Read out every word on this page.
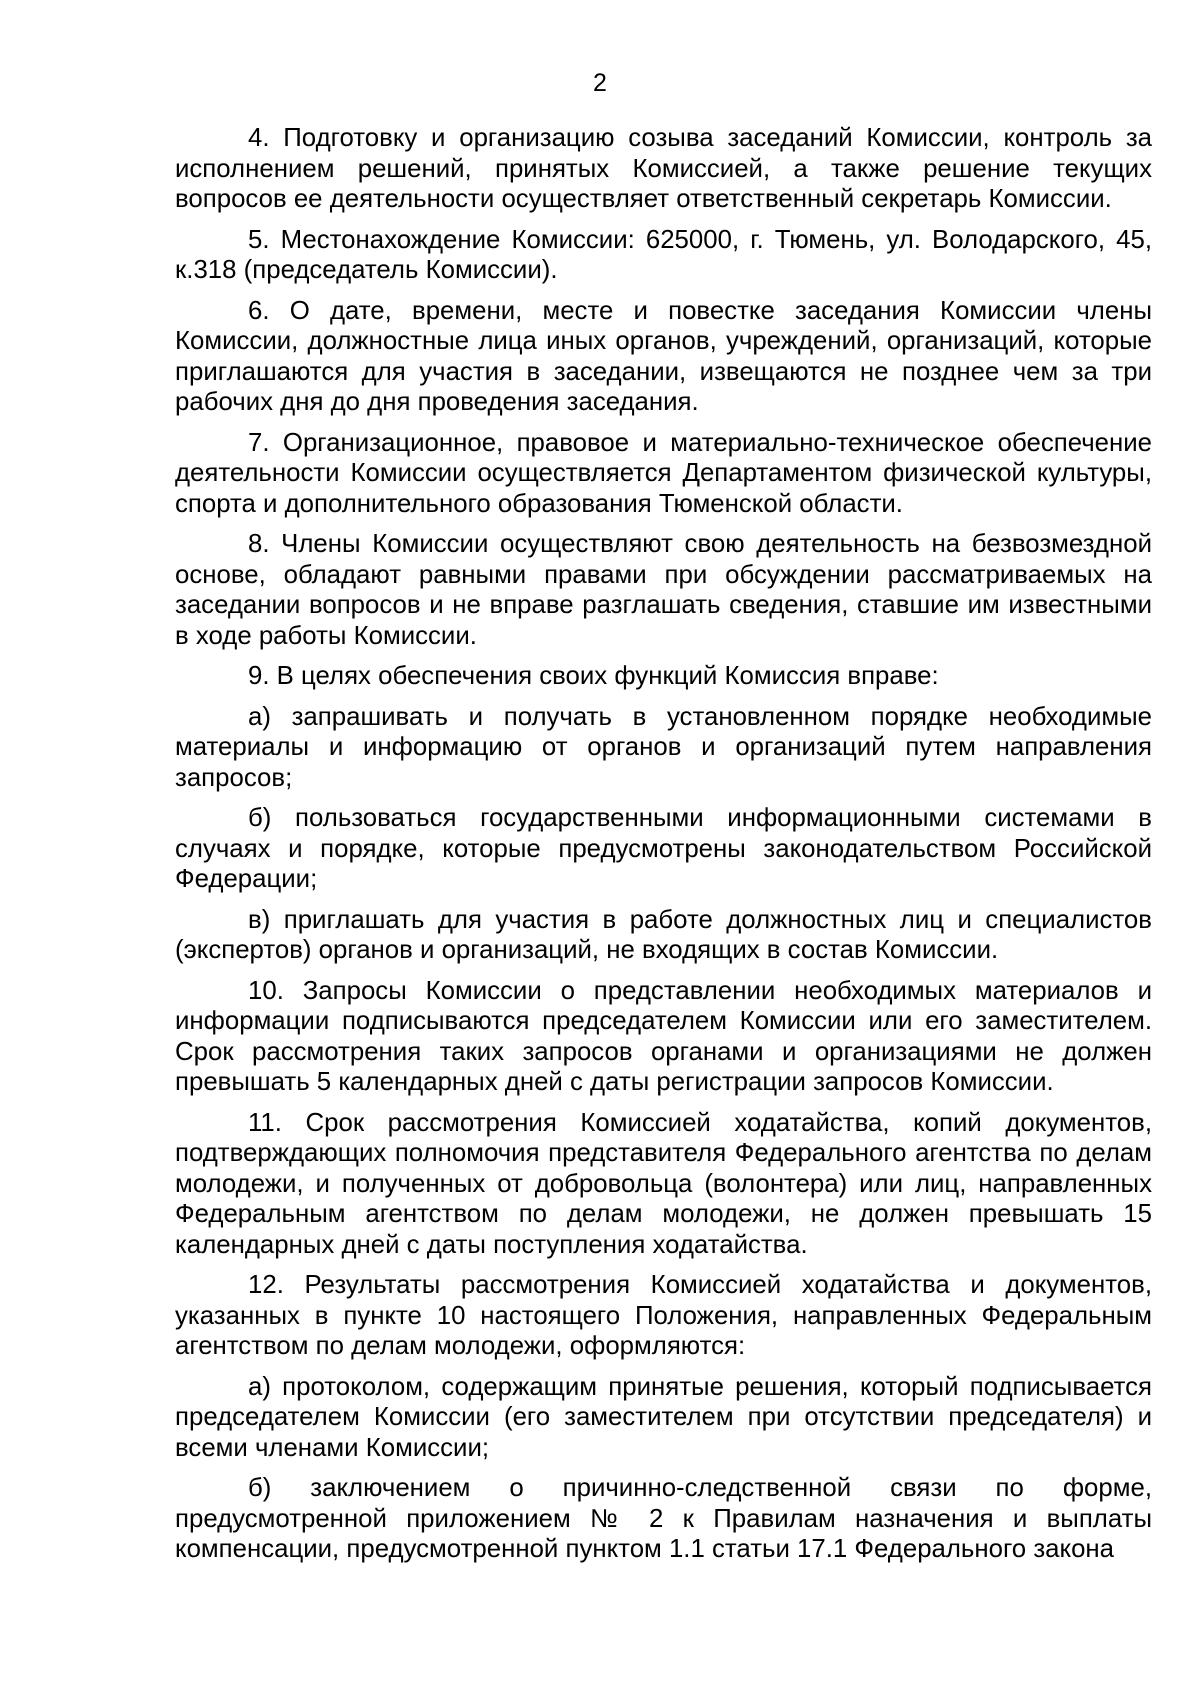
2

4. Подготовку и организацию созыва заседаний Комиссии, контроль за исполнением решений, принятых Комиссией, а также решение текущих вопросов ее деятельности осуществляет ответственный секретарь Комиссии.

5. Местонахождение Комиссии: 625000, г. Тюмень, ул. Володарского, 45, к.318 (председатель Комиссии).

6. О дате, времени, месте и повестке заседания Комиссии члены Комиссии, должностные лица иных органов, учреждений, организаций, которые приглашаются для участия в заседании, извещаются не позднее чем за три рабочих дня до дня проведения заседания.

7. Организационное, правовое и материально-техническое обеспечение деятельности Комиссии осуществляется Департаментом физической культуры, спорта и дополнительного образования Тюменской области.

8. Члены Комиссии осуществляют свою деятельность на безвозмездной основе, обладают равными правами при обсуждении рассматриваемых на заседании вопросов и не вправе разглашать сведения, ставшие им известными в ходе работы Комиссии.

9. В целях обеспечения своих функций Комиссия вправе:

а) запрашивать и получать в установленном порядке необходимые материалы и информацию от органов и организаций путем направления запросов;

б) пользоваться государственными информационными системами в случаях и порядке, которые предусмотрены законодательством Российской Федерации;

в) приглашать для участия в работе должностных лиц и специалистов (экспертов) органов и организаций, не входящих в состав Комиссии.

10. Запросы Комиссии о представлении необходимых материалов и информации подписываются председателем Комиссии или его заместителем. Срок рассмотрения таких запросов органами и организациями не должен превышать 5 календарных дней с даты регистрации запросов Комиссии.

11. Срок рассмотрения Комиссией ходатайства, копий документов, подтверждающих полномочия представителя Федерального агентства по делам молодежи, и полученных от добровольца (волонтера) или лиц, направленных Федеральным агентством по делам молодежи, не должен превышать 15 календарных дней с даты поступления ходатайства.

12. Результаты рассмотрения Комиссией ходатайства и документов, указанных в пункте 10 настоящего Положения, направленных Федеральным агентством по делам молодежи, оформляются:

а) протоколом, содержащим принятые решения, который подписывается председателем Комиссии (его заместителем при отсутствии председателя) и всеми членами Комиссии;

б) заключением о причинно-следственной связи по форме, предусмотренной приложением № 2 к Правилам назначения и выплаты компенсации, предусмотренной пунктом 1.1 статьи 17.1 Федерального закона
